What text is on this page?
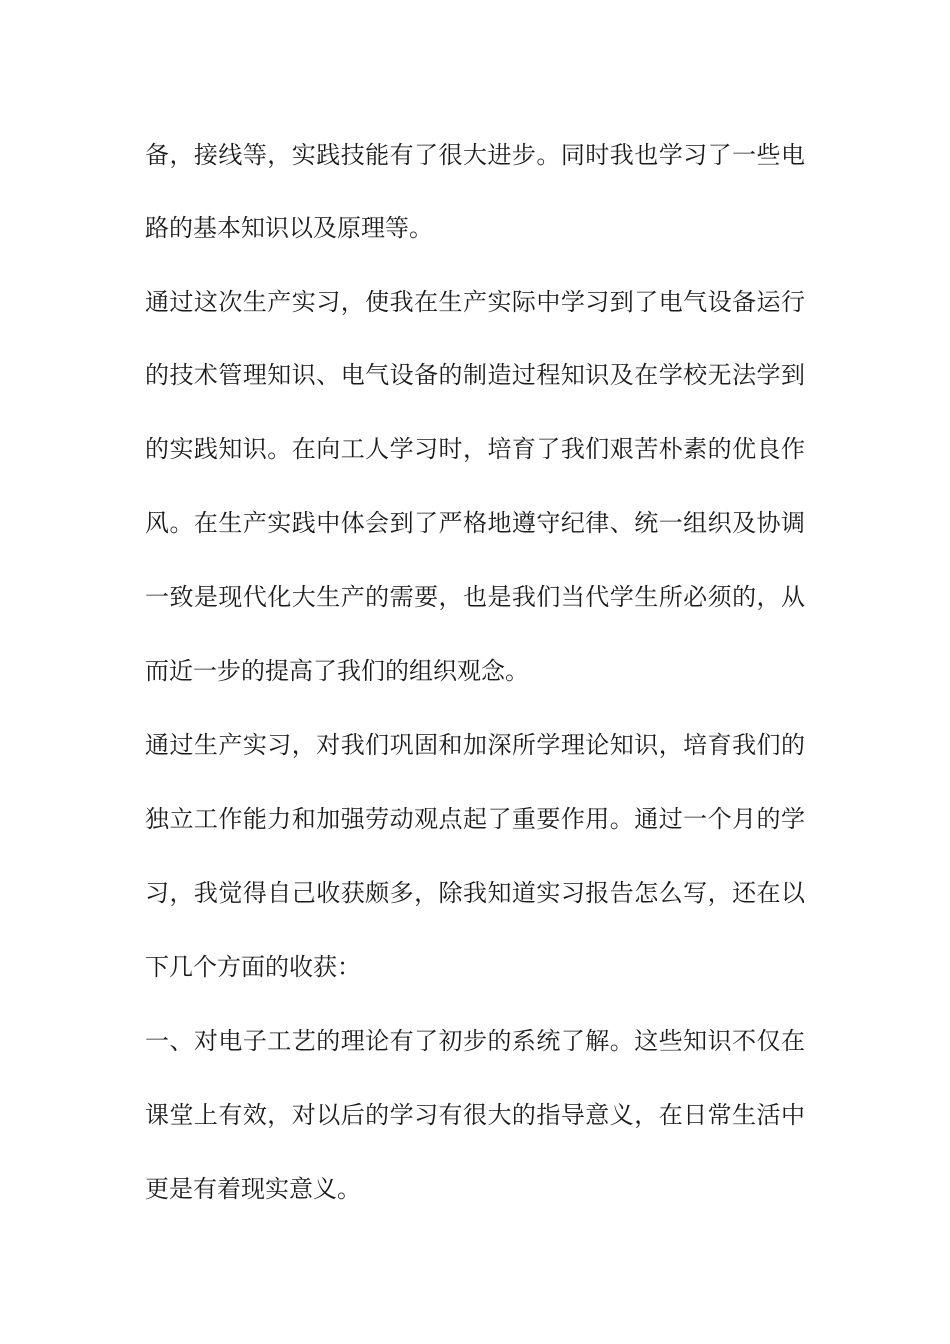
备，接线等，实践技能有了很大进步。同时我也学习了一些电
路的基本知识以及原理等。
通过这次生产实习，使我在生产实际中学习到了电气设备运行
的技术管理知识、电气设备的制造过程知识及在学校无法学到
的实践知识。在向工人学习时，培育了我们艰苦朴素的优良作
风。在生产实践中体会到了严格地遵守纪律、统一组织及协调
一致是现代化大生产的需要，也是我们当代学生所必须的，从
而近一步的提高了我们的组织观念。
通过生产实习，对我们巩固和加深所学理论知识，培育我们的
独立工作能力和加强劳动观点起了重要作用。通过一个月的学
习，我觉得自己收获颇多，除我知道实习报告怎么写，还在以
下几个方面的收获：
一、对电子工艺的理论有了初步的系统了解。这些知识不仅在
课堂上有效，对以后的学习有很大的指导意义，在日常生活中
更是有着现实意义。
